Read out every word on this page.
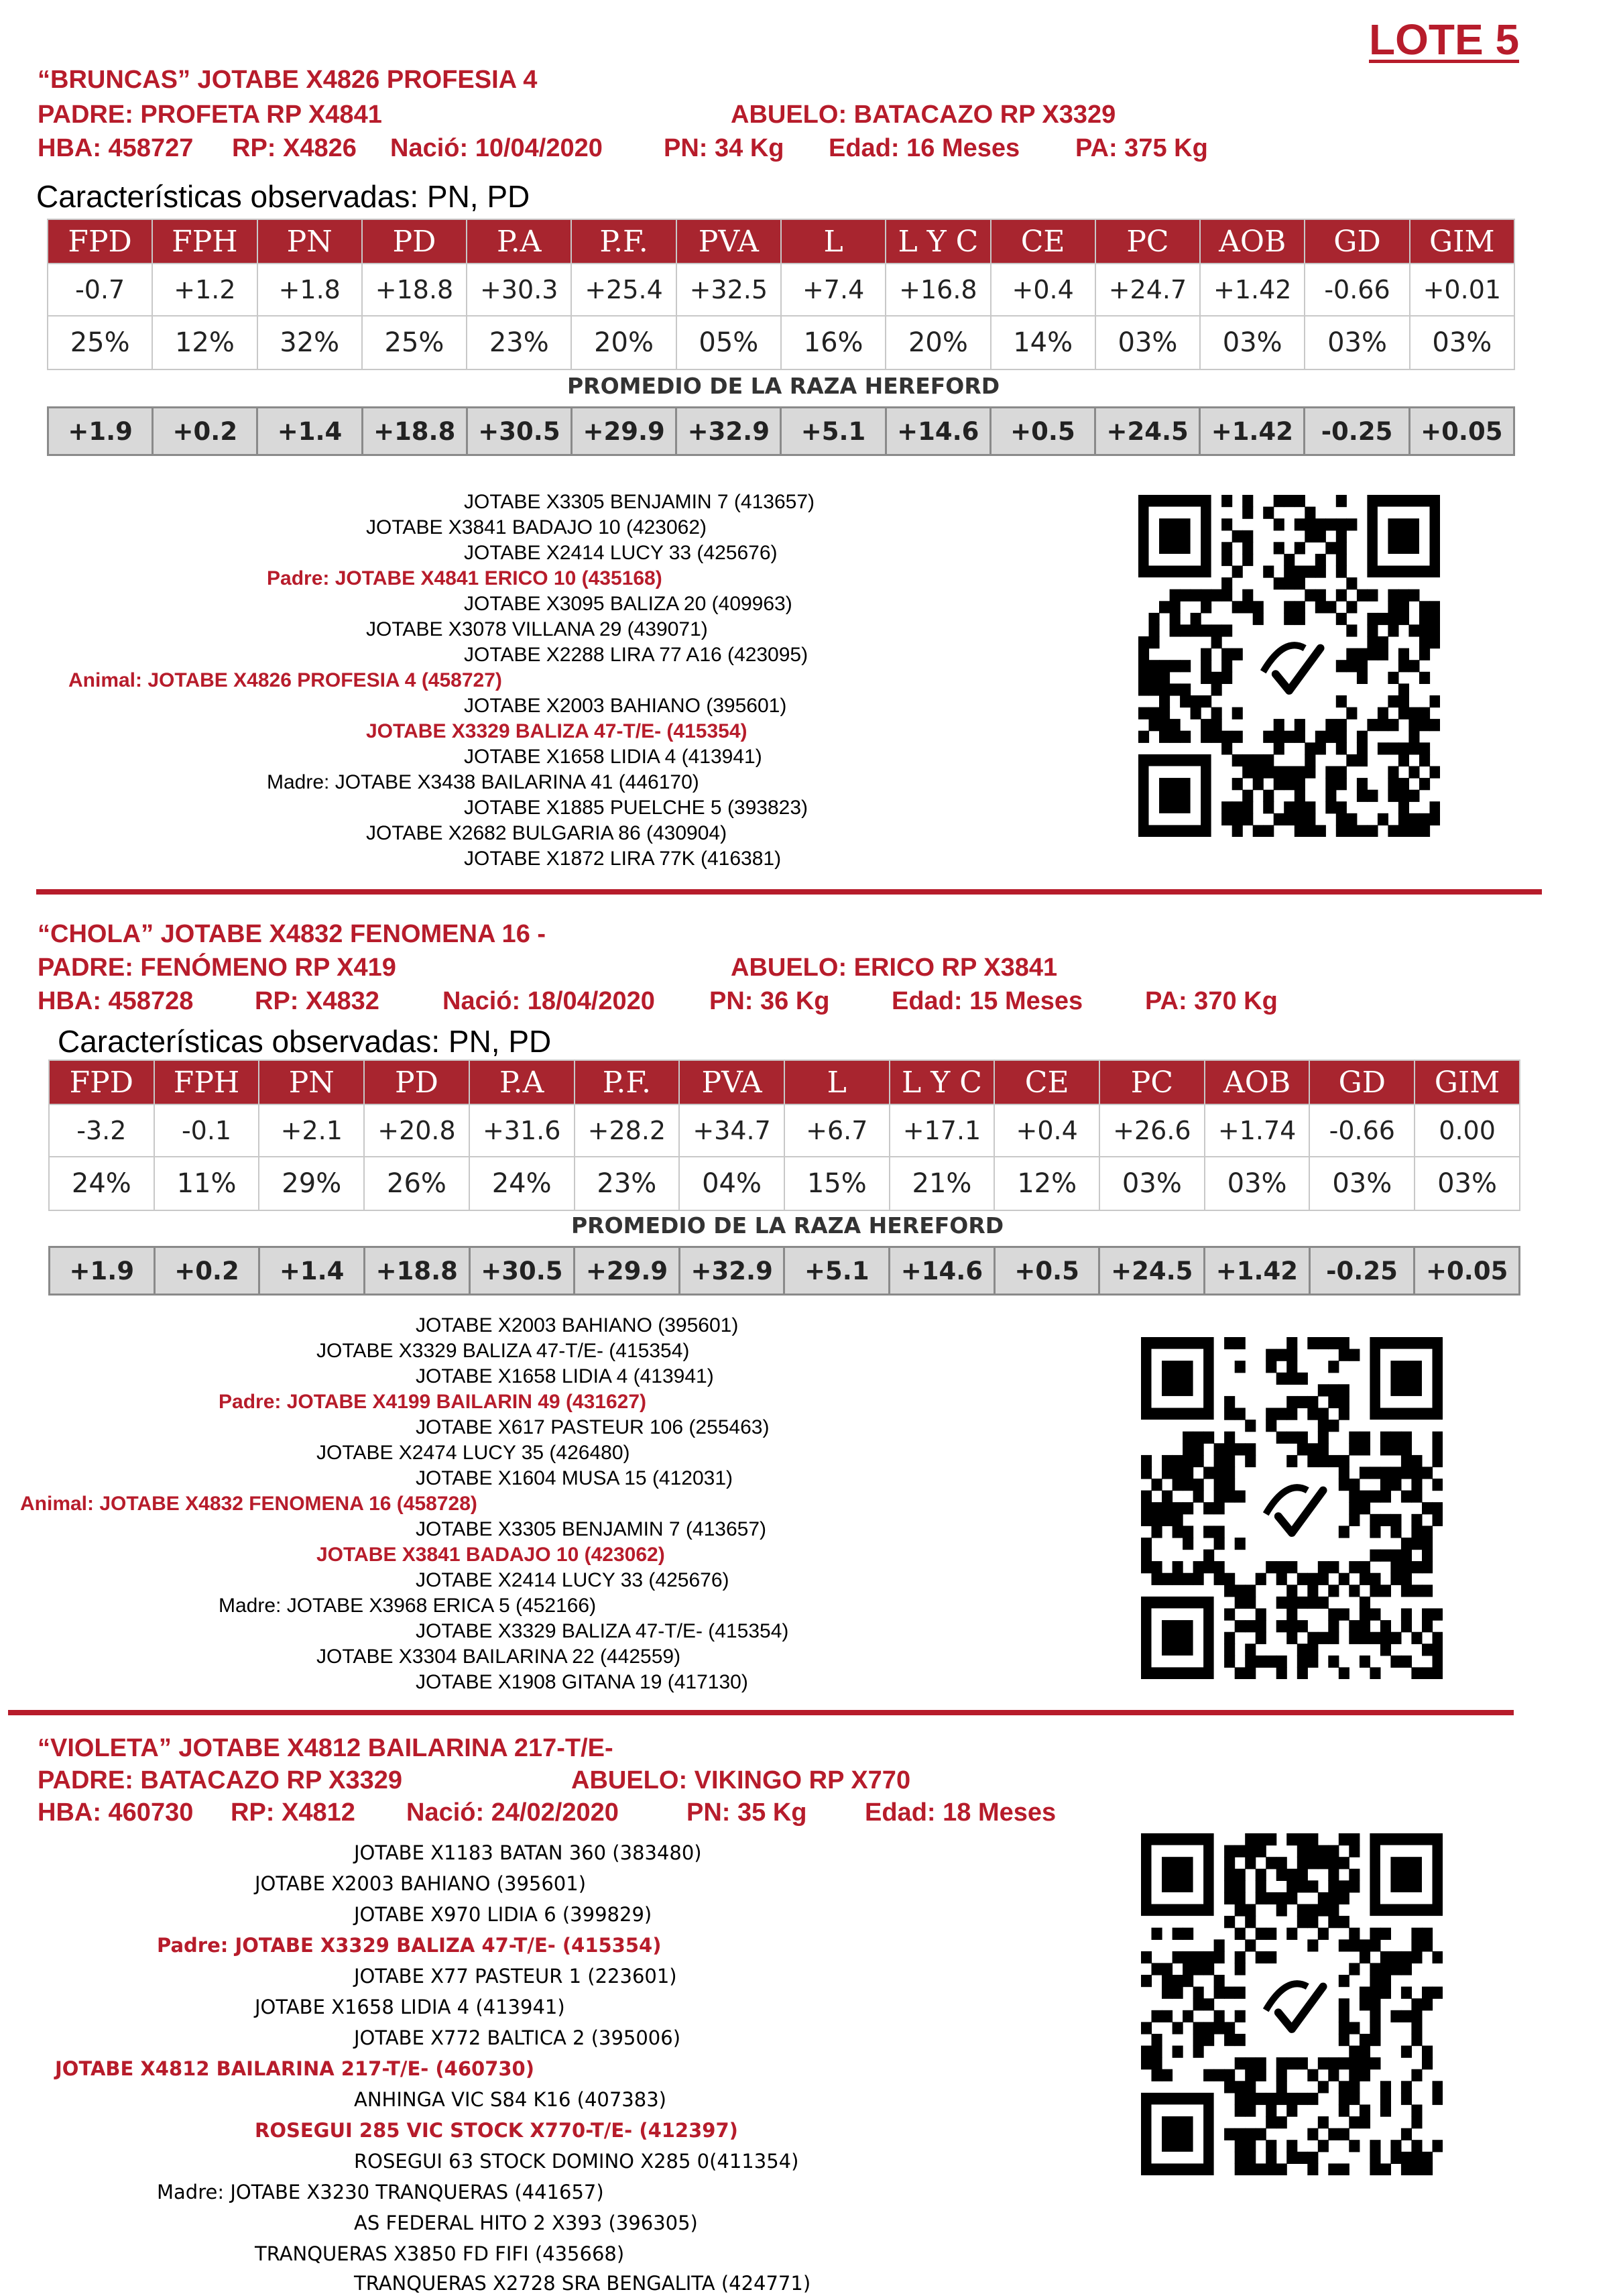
LOTE 5
“BRUNCAS” JOTABE X4826 PROFESIA 4
PADRE: PROFETA RP X4841	ABUELO: BATACAZO RP X3329
HBA: 458727 RP: X4826 Nació: 10/04/2020 PN: 34 Kg Edad: 16 Meses PA: 375 Kg
Características observadas: PN, PD
FPD	FPH	PN	PD	P.A	P.F.	PVA	L	L Y C	CE	PC	AOB	GD	GIM
-0.7	+1.2	+1.8	+18.8	+30.3	+25.4	+32.5	+7.4	+16.8	+0.4	+24.7	+1.42	-0.66	+0.01
25%	12%	32%	25%	23%	20%	05%	16%	20%	14%	03%	03%	03%	03%
PROMEDIO DE LA RAZA HEREFORD
+1.9	+0.2	+1.4	+18.8	+30.5	+29.9	+32.9	+5.1	+14.6	+0.5	+24.5	+1.42	-0.25	+0.05
JOTABE X3305 BENJAMIN 7 (413657)
JOTABE X3841 BADAJO 10 (423062)
JOTABE X2414 LUCY 33 (425676)
Padre: JOTABE X4841 ERICO 10 (435168)
JOTABE X3095 BALIZA 20 (409963)
JOTABE X3078 VILLANA 29 (439071)
JOTABE X2288 LIRA 77 A16 (423095)
Animal: JOTABE X4826 PROFESIA 4 (458727)
JOTABE X2003 BAHIANO (395601)
JOTABE X3329 BALIZA 47-T/E- (415354)
JOTABE X1658 LIDIA 4 (413941)
Madre: JOTABE X3438 BAILARINA 41 (446170)
JOTABE X1885 PUELCHE 5 (393823)
JOTABE X2682 BULGARIA 86 (430904)
JOTABE X1872 LIRA 77K (416381)
“CHOLA” JOTABE X4832 FENOMENA 16 -
PADRE: FENÓMENO RP X419	ABUELO: ERICO RP X3841
HBA: 458728 RP: X4832 Nació: 18/04/2020 PN: 36 Kg Edad: 15 Meses PA: 370 Kg
Características observadas: PN, PD
FPD	FPH	PN	PD	P.A	P.F.	PVA	L	L Y C	CE	PC	AOB	GD	GIM
-3.2	-0.1	+2.1	+20.8	+31.6	+28.2	+34.7	+6.7	+17.1	+0.4	+26.6	+1.74	-0.66	0.00
24%	11%	29%	26%	24%	23%	04%	15%	21%	12%	03%	03%	03%	03%
PROMEDIO DE LA RAZA HEREFORD
+1.9	+0.2	+1.4	+18.8	+30.5	+29.9	+32.9	+5.1	+14.6	+0.5	+24.5	+1.42	-0.25	+0.05
JOTABE X2003 BAHIANO (395601)
JOTABE X3329 BALIZA 47-T/E- (415354)
JOTABE X1658 LIDIA 4 (413941)
Padre: JOTABE X4199 BAILARIN 49 (431627)
JOTABE X617 PASTEUR 106 (255463)
JOTABE X2474 LUCY 35 (426480)
JOTABE X1604 MUSA 15 (412031)
Animal: JOTABE X4832 FENOMENA 16 (458728)
JOTABE X3305 BENJAMIN 7 (413657)
JOTABE X3841 BADAJO 10 (423062)
JOTABE X2414 LUCY 33 (425676)
Madre: JOTABE X3968 ERICA 5 (452166)
JOTABE X3329 BALIZA 47-T/E- (415354)
JOTABE X3304 BAILARINA 22 (442559)
JOTABE X1908 GITANA 19 (417130)
“VIOLETA” JOTABE X4812 BAILARINA 217-T/E-
PADRE: BATACAZO RP X3329	ABUELO: VIKINGO RP X770
HBA: 460730 RP: X4812 Nació: 24/02/2020	PN: 35 Kg Edad: 18 Meses
JOTABE X1183 BATAN 360 (383480)
JOTABE X2003 BAHIANO (395601)
JOTABE X970 LIDIA 6 (399829)
Padre: JOTABE X3329 BALIZA 47-T/E- (415354)
JOTABE X77 PASTEUR 1 (223601)
JOTABE X1658 LIDIA 4 (413941)
JOTABE X772 BALTICA 2 (395006)
JOTABE X4812 BAILARINA 217-T/E- (460730)
ANHINGA VIC S84 K16 (407383)
ROSEGUI 285 VIC STOCK X770-T/E- (412397)
ROSEGUI 63 STOCK DOMINO X285 0(411354)
Madre: JOTABE X3230 TRANQUERAS (441657)
AS FEDERAL HITO 2 X393 (396305)
TRANQUERAS X3850 FD FIFI (435668)
TRANQUERAS X2728 SRA BENGALITA (424771)
